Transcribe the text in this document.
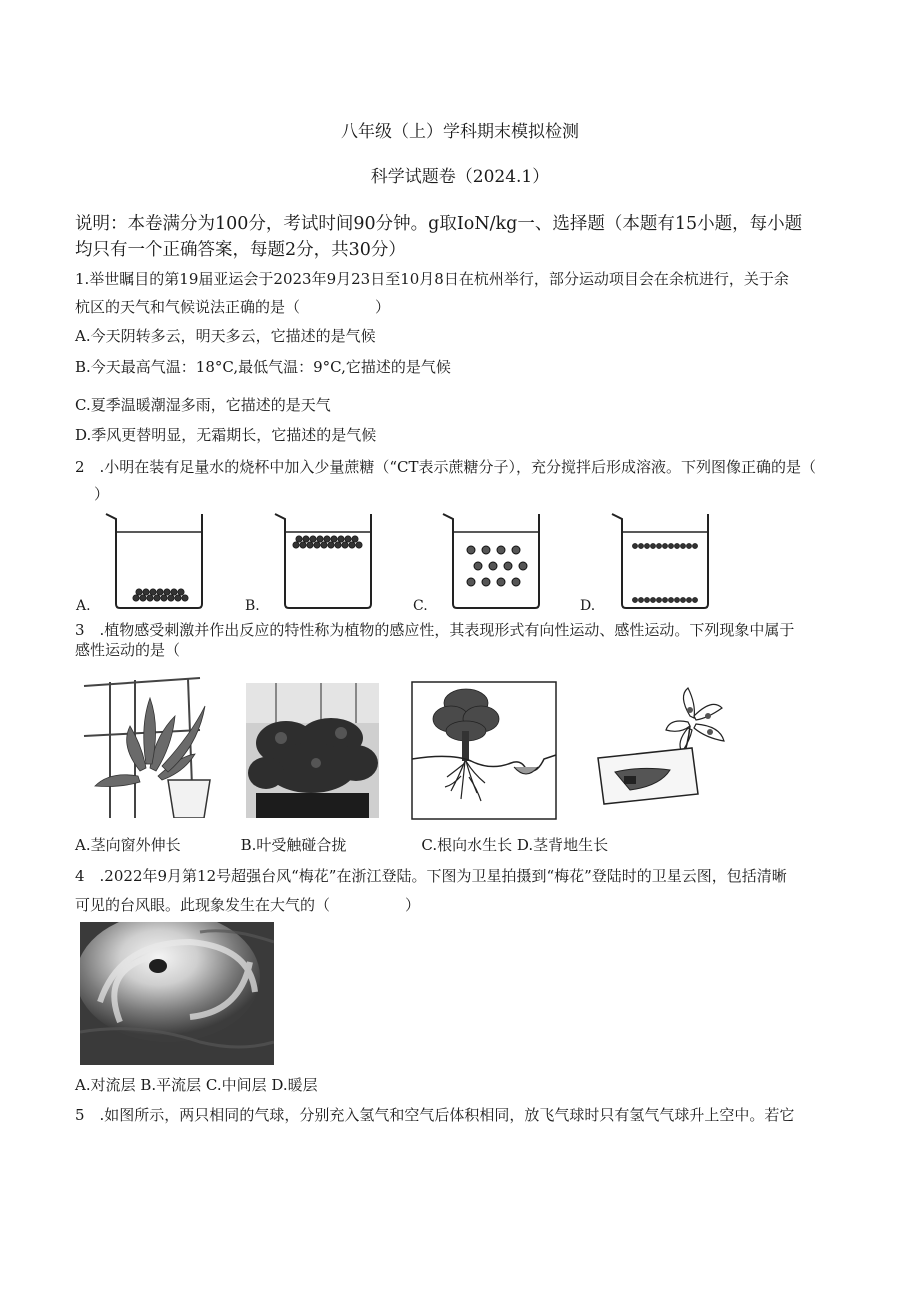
八年级（上）学科期末模拟检测
科学试题卷（2024.1）
说明：本卷满分为100分，考试时间90分钟。g取IoN/kg一、选择题（本题有15小题，每小题
均只有一个正确答案，每题2分，共30分）
1.举世瞩目的第19届亚运会于2023年9月23日至10月8日在杭州举行，部分运动项目会在余杭进行，关于余
杭区的天气和气候说法正确的是（　　　　　）
A.今天阴转多云，明天多云，它描述的是气候
B.今天最高气温：18°C,最低气温：9°C,它描述的是气候
C.夏季温暖潮湿多雨，它描述的是天气
D.季风更替明显，无霜期长，它描述的是气候
2　.小明在装有足量水的烧杯中加入少量蔗糖（“CT表示蔗糖分子），充分搅拌后形成溶液。下列图像正确的是（
）
A.	B.	C.	D.
3　.植物感受刺激并作出反应的特性称为植物的感应性，其表现形式有向性运动、感性运动。下列现象中属于
感性运动的是（
A.茎向窗外伸长　　　　B.叶受触碰合拢　　　　　C.根向水生长 D.茎背地生长
4　.2022年9月第12号超强台风“梅花”在浙江登陆。下图为卫星拍摄到“梅花”登陆时的卫星云图，包括清晰
可见的台风眼。此现象发生在大气的（　　　　　）
A.对流层 B.平流层 C.中间层 D.暖层
5　.如图所示，两只相同的气球，分别充入氢气和空气后体积相同，放飞气球时只有氢气气球升上空中。若它
